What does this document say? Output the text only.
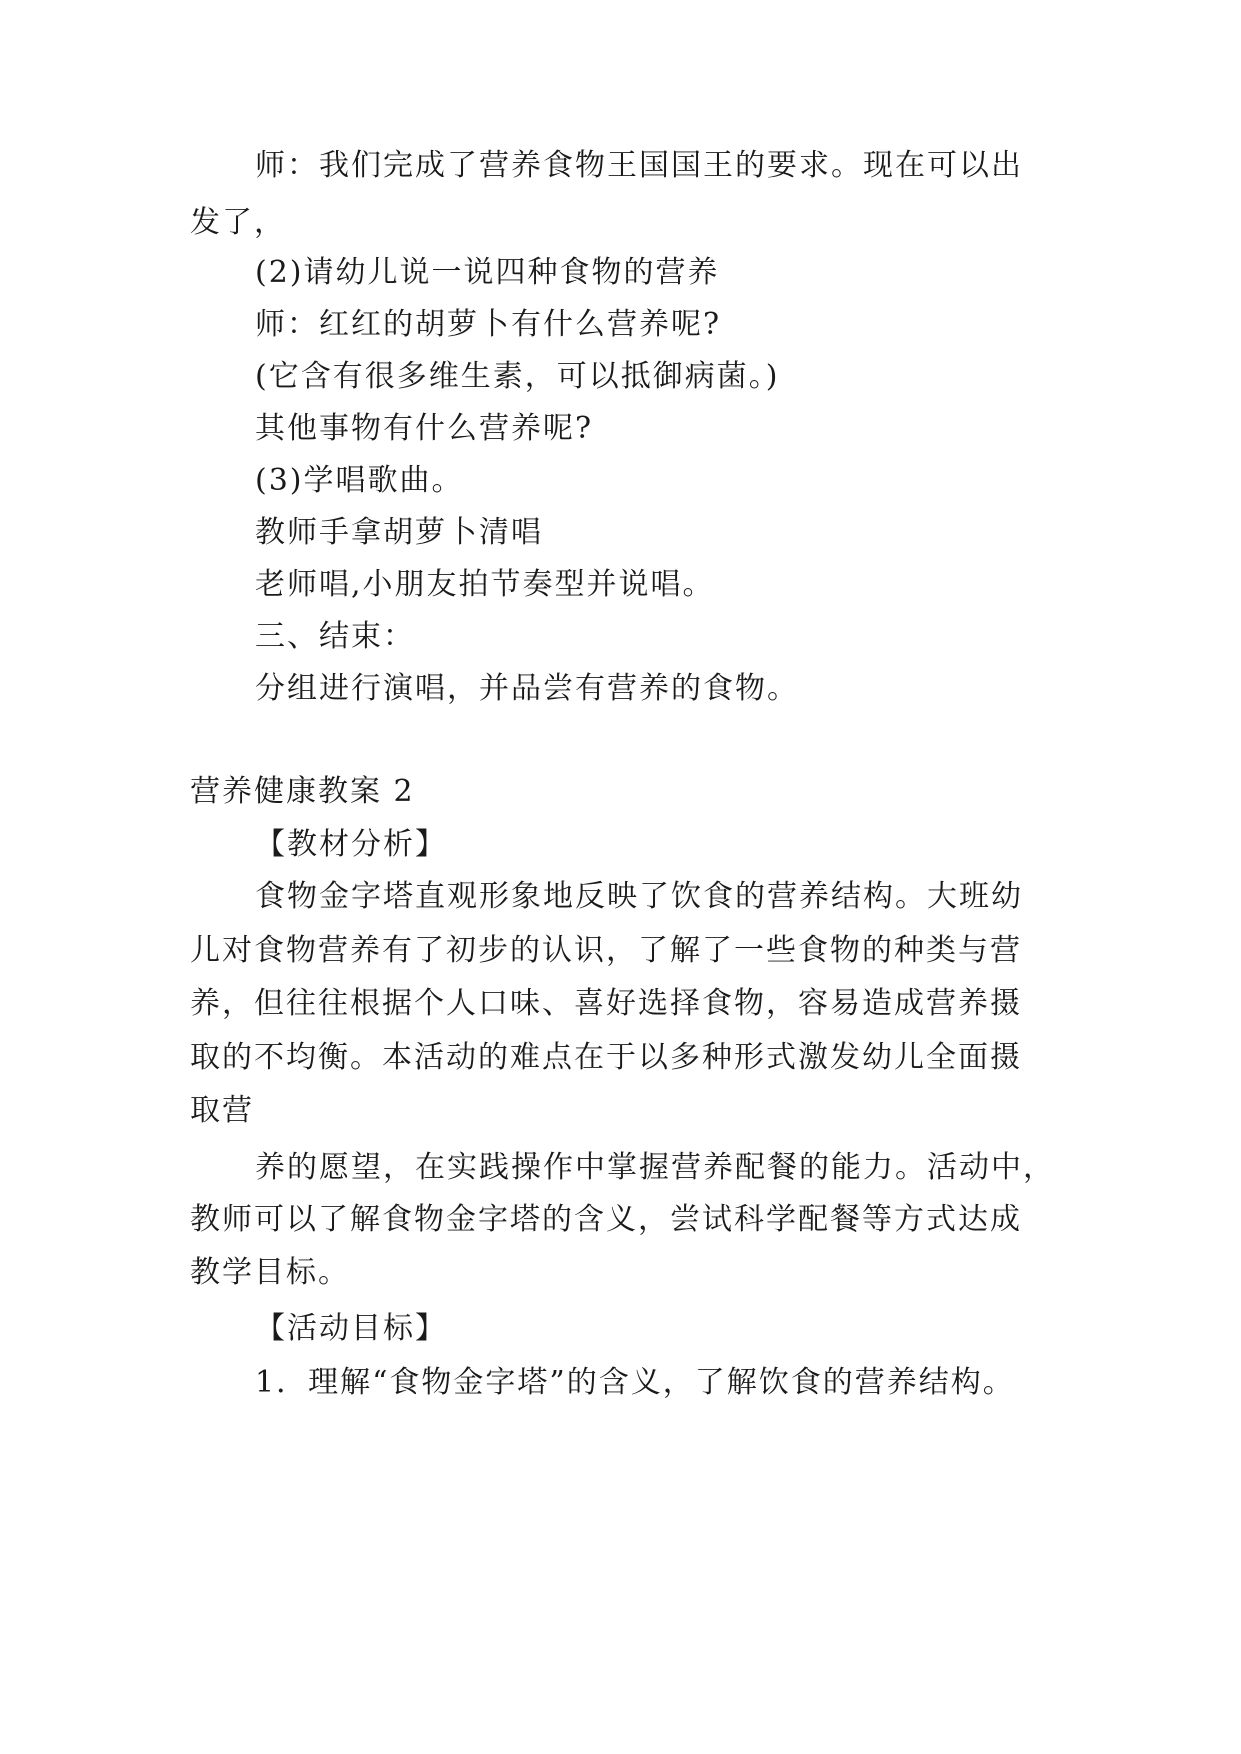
师：我们完成了营养食物王国国王的要求。现在可以出
发了，
(2)请幼儿说一说四种食物的营养
师：红红的胡萝卜有什么营养呢?
(它含有很多维生素，可以抵御病菌。)
其他事物有什么营养呢?
(3)学唱歌曲。
教师手拿胡萝卜清唱
老师唱,小朋友拍节奏型并说唱。
三、结束：
分组进行演唱，并品尝有营养的食物。
营养健康教案 2
【教材分析】
食物金字塔直观形象地反映了饮食的营养结构。大班幼
儿对食物营养有了初步的认识，了解了一些食物的种类与营
养，但往往根据个人口味、喜好选择食物，容易造成营养摄
取的不均衡。本活动的难点在于以多种形式激发幼儿全面摄
取营
养的愿望，在实践操作中掌握营养配餐的能力。活动中，
教师可以了解食物金字塔的含义，尝试科学配餐等方式达成
教学目标。
【活动目标】
1．理解“食物金字塔”的含义，了解饮食的营养结构。
